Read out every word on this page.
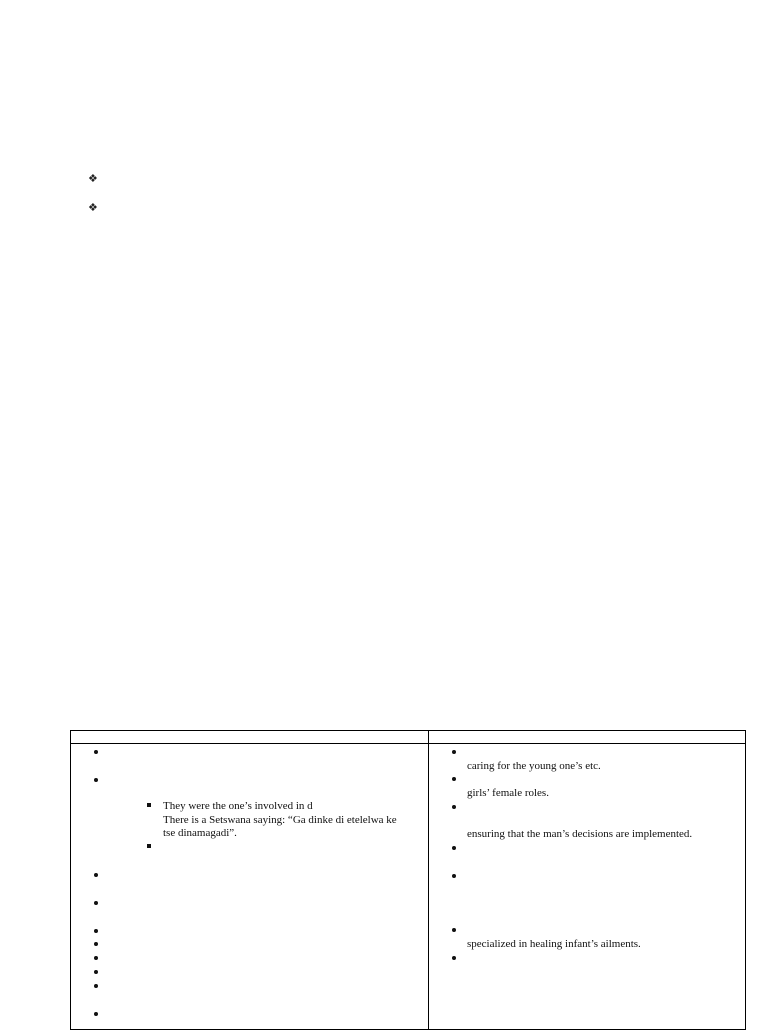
❖
❖
They were the one’s involved in d
There is a Setswana saying: “Ga dinke di etelelwa ke
tse dinamagadi”.
caring for the young one’s etc.
girls’ female roles.
ensuring that the man’s decisions are implemented.
specialized in healing infant’s ailments.
